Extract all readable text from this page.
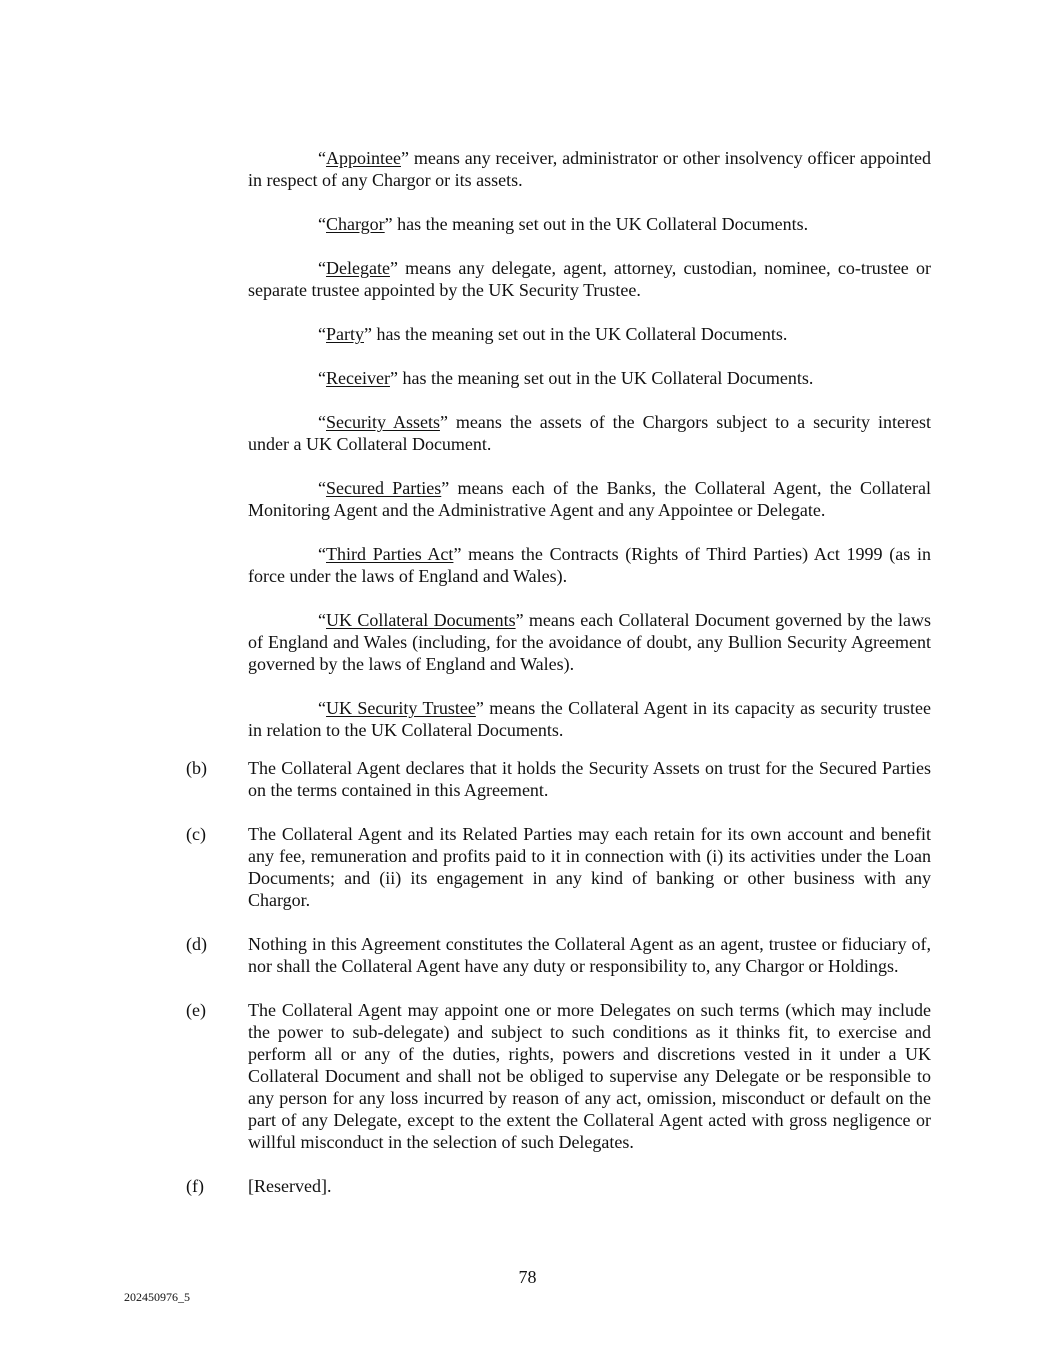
“Appointee” means any receiver, administrator or other insolvency officer appointed in respect of any Chargor or its assets.

“Chargor” has the meaning set out in the UK Collateral Documents.

“Delegate” means any delegate, agent, attorney, custodian, nominee, co-trustee or separate trustee appointed by the UK Security Trustee.

“Party” has the meaning set out in the UK Collateral Documents.

“Receiver” has the meaning set out in the UK Collateral Documents.

“Security Assets” means the assets of the Chargors subject to a security interest under a UK Collateral Document.

“Secured Parties” means each of the Banks, the Collateral Agent, the Collateral Monitoring Agent and the Administrative Agent and any Appointee or Delegate.

“Third Parties Act” means the Contracts (Rights of Third Parties) Act 1999 (as in force under the laws of England and Wales).

“UK Collateral Documents” means each Collateral Document governed by the laws of England and Wales (including, for the avoidance of doubt, any Bullion Security Agreement governed by the laws of England and Wales).

“UK Security Trustee” means the Collateral Agent in its capacity as security trustee in relation to the UK Collateral Documents.

(b)	The Collateral Agent declares that it holds the Security Assets on trust for the Secured Parties on the terms contained in this Agreement.
(c)	The Collateral Agent and its Related Parties may each retain for its own account and benefit any fee, remuneration and profits paid to it in connection with (i) its activities under the Loan Documents; and (ii) its engagement in any kind of banking or other business with any Chargor.
(d)	Nothing in this Agreement constitutes the Collateral Agent as an agent, trustee or fiduciary of, nor shall the Collateral Agent have any duty or responsibility to, any Chargor or Holdings.
(e)	The Collateral Agent may appoint one or more Delegates on such terms (which may include the power to sub-delegate) and subject to such conditions as it thinks fit, to exercise and perform all or any of the duties, rights, powers and discretions vested in it under a UK Collateral Document and shall not be obliged to supervise any Delegate or be responsible to any person for any loss incurred by reason of any act, omission, misconduct or default on the part of any Delegate, except to the extent the Collateral Agent acted with gross negligence or willful misconduct in the selection of such Delegates.
(f)	[Reserved].
78
202450976_5
